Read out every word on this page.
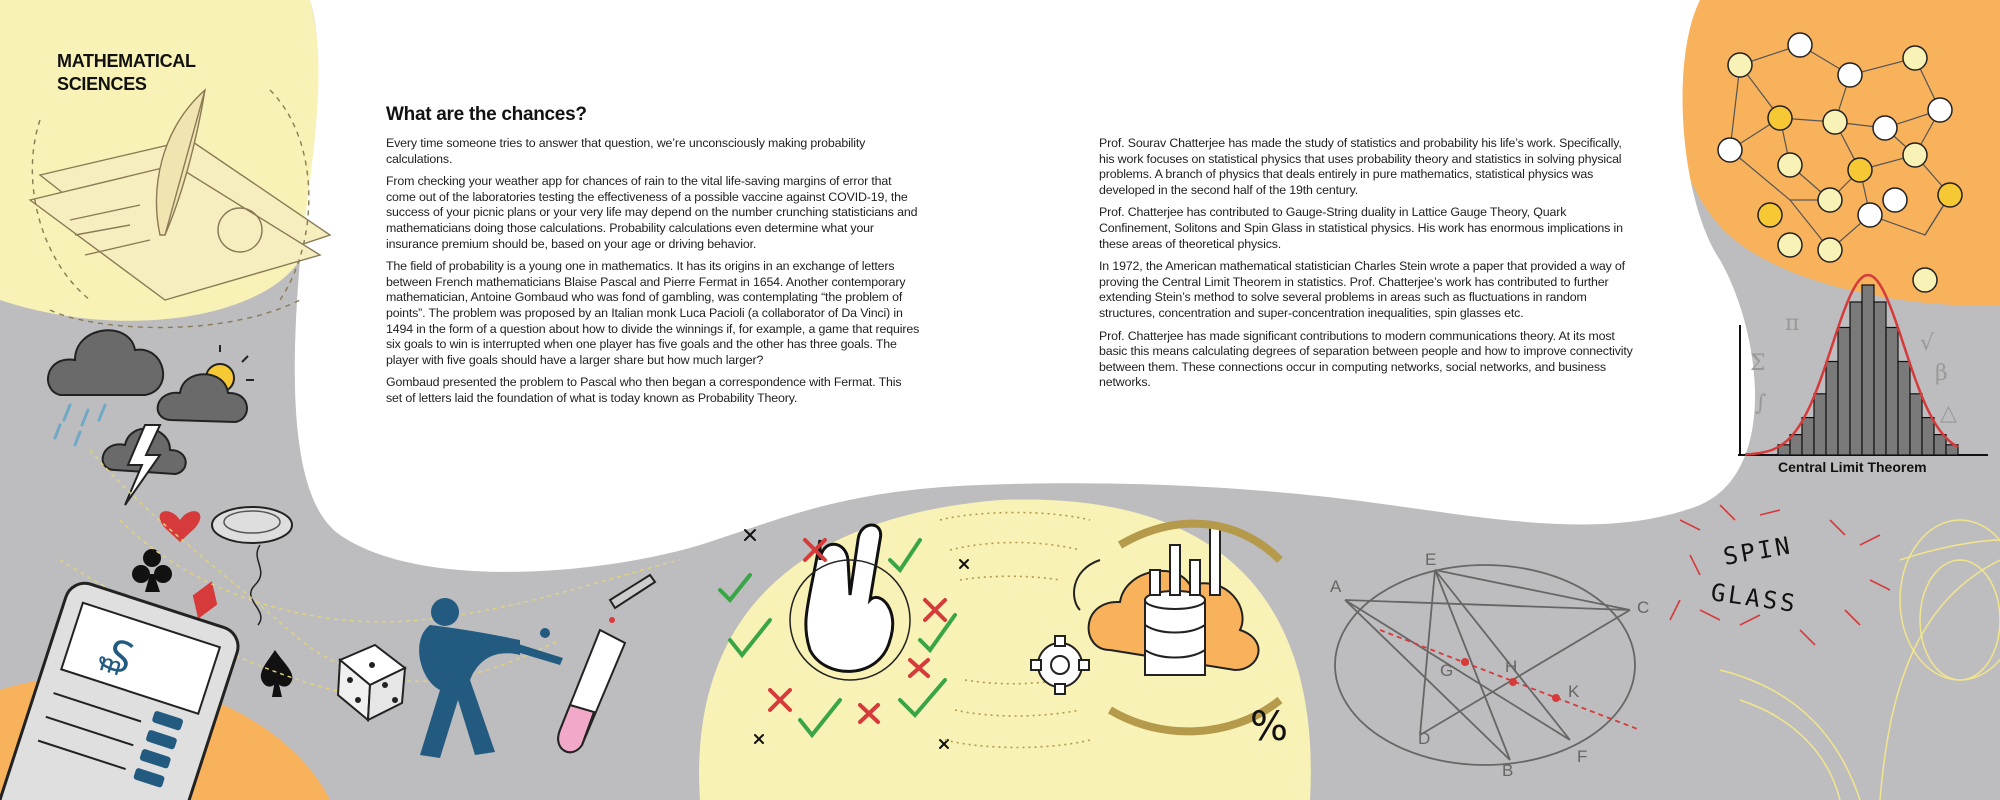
₷
%
Central Limit Theorem
π
Σ
√
β
∫	△
SPIN
GLASS
E
A
C
G	H
K
D
B
F
MATHEMATICAL
SCIENCES
What are the chances?

Every time someone tries to answer that question, we’re unconsciously making probability calculations.

From checking your weather app for chances of rain to the vital life-saving margins of error that come out of the laboratories testing the effectiveness of a possible vaccine against COVID-19, the success of your picnic plans or your very life may depend on the number crunching statisticians and mathematicians doing those calculations. Probability calculations even determine what your insurance premium should be, based on your age or driving behavior.

The field of probability is a young one in mathematics. It has its origins in an exchange of letters between French mathematicians Blaise Pascal and Pierre Fermat in 1654. Another contemporary mathematician, Antoine Gombaud who was fond of gambling, was contemplating “the problem of points”. The problem was proposed by an Italian monk Luca Pacioli (a collaborator of Da Vinci) in 1494 in the form of a question about how to divide the winnings if, for example, a game that requires six goals to win is interrupted when one player has five goals and the other has three goals. The player with five goals should have a larger share but how much larger?

Gombaud presented the problem to Pascal who then began a correspondence with Fermat. This set of letters laid the foundation of what is today known as Probability Theory.

Prof. Sourav Chatterjee has made the study of statistics and probability his life’s work. Specifically, his work focuses on statistical physics that uses probability theory and statistics in solving physical problems. A branch of physics that deals entirely in pure mathematics, statistical physics was developed in the second half of the 19th century.

Prof. Chatterjee has contributed to Gauge-String duality in Lattice Gauge Theory, Quark Confinement, Solitons and Spin Glass in statistical physics. His work has enormous implications in these areas of theoretical physics.

In 1972, the American mathematical statistician Charles Stein wrote a paper that provided a way of proving the Central Limit Theorem in statistics. Prof. Chatterjee’s work has contributed to further extending Stein’s method to solve several problems in areas such as fluctuations in random structures, concentration and super-concentration inequalities, spin glasses etc.

Prof. Chatterjee has made significant contributions to modern communications theory. At its most basic this means calculating degrees of separation between people and how to improve connectivity between them. These connections occur in computing networks, social networks, and business networks.
